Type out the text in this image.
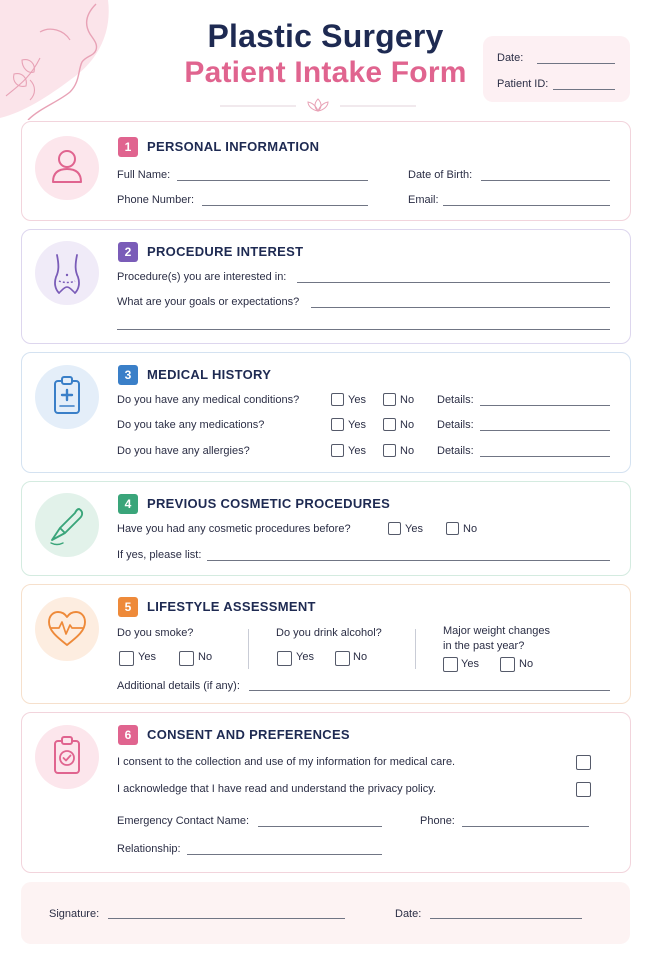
Plastic Surgery
Patient Intake Form	Date:
Patient ID:
1	PERSONAL INFORMATION
Full Name:	Date of Birth:
Phone Number:	Email:
2	PROCEDURE INTEREST
Procedure(s) you are interested in:
What are your goals or expectations?
3	MEDICAL HISTORY
Do you have any medical conditions?	Yes	No Details:
Do you take any medications?	Yes	No Details:
Do you have any allergies?	Yes	No Details:
4	PREVIOUS COSMETIC PROCEDURES
Have you had any cosmetic procedures before?	Yes	No
If yes, please list:
5	LIFESTYLE ASSESSMENT
Do you smoke?
Yes	No
Do you drink alcohol?
Yes	No
Major weight changes
in the past year?
Yes	No
Additional details (if any):
6	CONSENT AND PREFERENCES
I consent to the collection and use of my information for medical care.
I acknowledge that I have read and understand the privacy policy.
Emergency Contact Name:	Phone:
Relationship:
Signature:	Date:
